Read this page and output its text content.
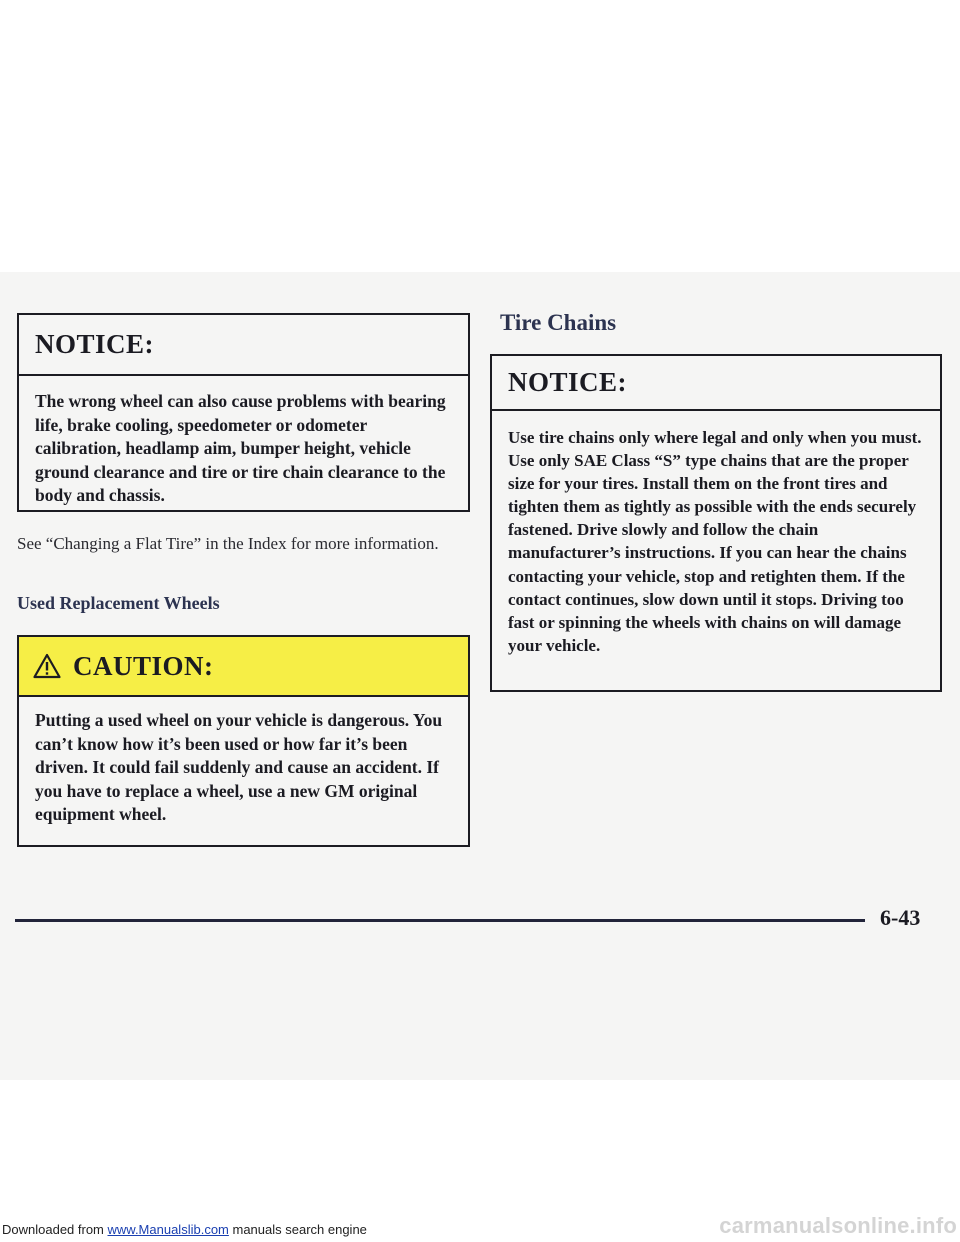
NOTICE:
The wrong wheel can also cause problems with bearing life, brake cooling, speedometer or odometer calibration, headlamp aim, bumper height, vehicle ground clearance and tire or tire chain clearance to the body and chassis.
See “Changing a Flat Tire” in the Index for more information.
Used Replacement Wheels
CAUTION:
Putting a used wheel on your vehicle is dangerous. You can’t know how it’s been used or how far it’s been driven. It could fail suddenly and cause an accident. If you have to replace a wheel, use a new GM original equipment wheel.
Tire Chains
NOTICE:
Use tire chains only where legal and only when you must. Use only SAE Class “S” type chains that are the proper size for your tires. Install them on the front tires and tighten them as tightly as possible with the ends securely fastened. Drive slowly and follow the chain manufacturer’s instructions. If you can hear the chains contacting your vehicle, stop and retighten them. If the contact continues, slow down until it stops. Driving too fast or spinning the wheels with chains on will damage your vehicle.
6-43
Downloaded from www.Manualslib.com manuals search engine	carmanualsonline.info
